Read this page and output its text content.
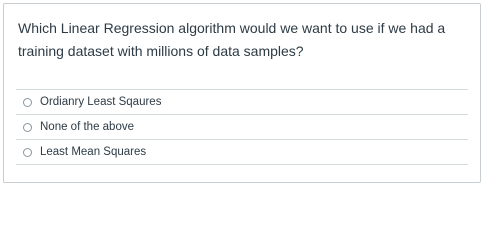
Which Linear Regression algorithm would we want to use if we had a training dataset with millions of data samples?

Ordianry Least Sqaures
None of the above
Least Mean Squares
